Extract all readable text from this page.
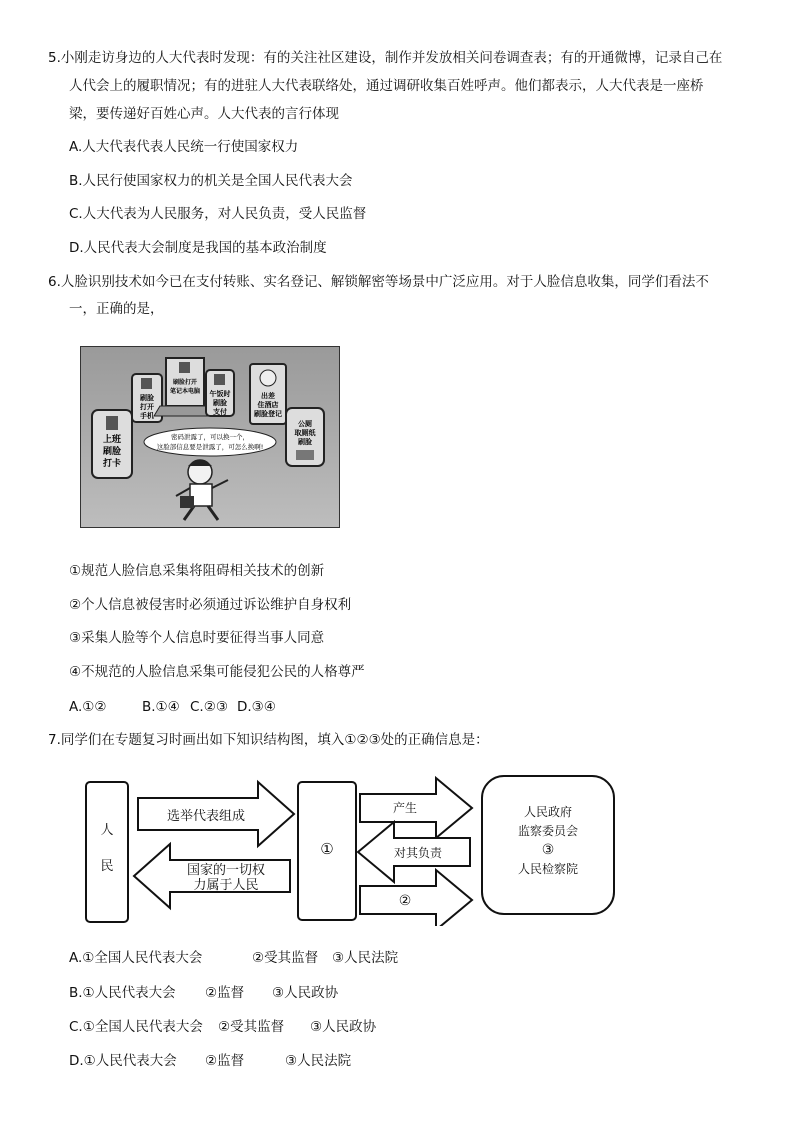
5.小刚走访身边的人大代表时发现：有的关注社区建设，制作并发放相关问卷调查表；有的开通微博，记录自己在
人代会上的履职情况；有的进驻人大代表联络处，通过调研收集百姓呼声。他们都表示，人大代表是一座桥
梁，要传递好百姓心声。人大代表的言行体现
A.人大代表代表人民统一行使国家权力
B.人民行使国家权力的机关是全国人民代表大会
C.人大代表为人民服务，对人民负责，受人民监督
D.人民代表大会制度是我国的基本政治制度
6.人脸识别技术如今已在支付转账、实名登记、解锁解密等场景中广泛应用。对于人脸信息收集，同学们看法不
一，正确的是，
上班
刷脸
打卡
刷脸
打开
手机
刷脸打开
笔记本电脑 午饭时
刷脸
支付
出差
住酒店
刷脸登记
公厕
取厕纸
刷脸
密码泄露了，可以换一个，
这脸部信息要是泄露了，可怎么换啊!
①规范人脸信息采集将阻碍相关技术的创新
②个人信息被侵害时必须通过诉讼维护自身权利
③采集人脸等个人信息时要征得当事人同意
④不规范的人脸信息采集可能侵犯公民的人格尊严
A.①②	B.①④ C.②③ D.③④
7.同学们在专题复习时画出如下知识结构图，填入①②③处的正确信息是：
人
民
选举代表组成
国家的一切权
力属于人民
①
产生
对其负责
②
人民政府
监察委员会
③
人民检察院
A.①全国人民代表大会	②受其监督 ③人民法院
B.①人民代表大会 ②监督 ③人民政协
C.①全国人民代表大会 ②受其监督 ③人民政协
D.①人民代表大会 ②监督	③人民法院
